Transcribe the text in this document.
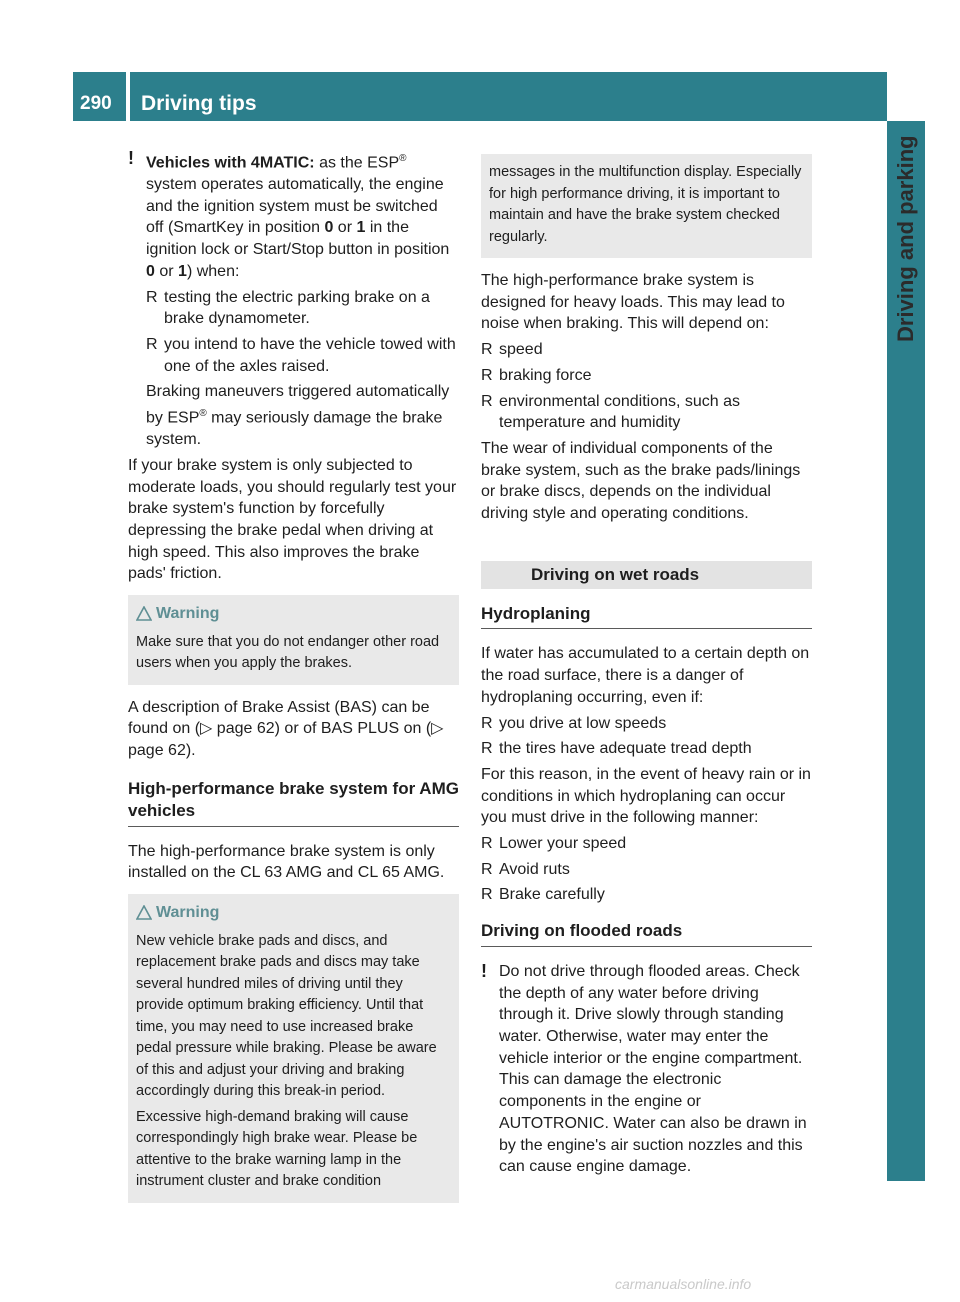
290 Driving tips
Driving and parking
! Vehicles with 4MATIC: as the ESP® system operates automatically, the engine and the ignition system must be switched off (SmartKey in position 0 or 1 in the ignition lock or Start/Stop button in position 0 or 1) when:

R testing the electric parking brake on a brake dynamometer.
R you intend to have the vehicle towed with one of the axles raised.

Braking maneuvers triggered automatically by ESP® may seriously damage the brake system.

If your brake system is only subjected to moderate loads, you should regularly test your brake system's function by forcefully depressing the brake pedal when driving at high speed. This also improves the brake pads' friction.

Warning

Make sure that you do not endanger other road users when you apply the brakes.

A description of Brake Assist (BAS) can be found on (▷ page 62) or of BAS PLUS on (▷ page 62).

High-performance brake system for AMG vehicles

The high-performance brake system is only installed on the CL 63 AMG and CL 65 AMG.

Warning

New vehicle brake pads and discs, and replacement brake pads and discs may take several hundred miles of driving until they provide optimum braking efficiency. Until that time, you may need to use increased brake pedal pressure while braking. Please be aware of this and adjust your driving and braking accordingly during this break-in period.

Excessive high-demand braking will cause correspondingly high brake wear. Please be attentive to the brake warning lamp in the instrument cluster and brake condition

messages in the multifunction display. Especially for high performance driving, it is important to maintain and have the brake system checked regularly.

The high-performance brake system is designed for heavy loads. This may lead to noise when braking. This will depend on:

R speed
R braking force
R environmental conditions, such as temperature and humidity

The wear of individual components of the brake system, such as the brake pads/linings or brake discs, depends on the individual driving style and operating conditions.

Driving on wet roads
Hydroplaning

If water has accumulated to a certain depth on the road surface, there is a danger of hydroplaning occurring, even if:

R you drive at low speeds
R the tires have adequate tread depth

For this reason, in the event of heavy rain or in conditions in which hydroplaning can occur you must drive in the following manner:

R Lower your speed
R Avoid ruts
R Brake carefully
Driving on flooded roads
! Do not drive through flooded areas. Check the depth of any water before driving through it. Drive slowly through standing water. Otherwise, water may enter the vehicle interior or the engine compartment. This can damage the electronic components in the engine or AUTOTRONIC. Water can also be drawn in by the engine's air suction nozzles and this can cause engine damage.

carmanualsonline.info
